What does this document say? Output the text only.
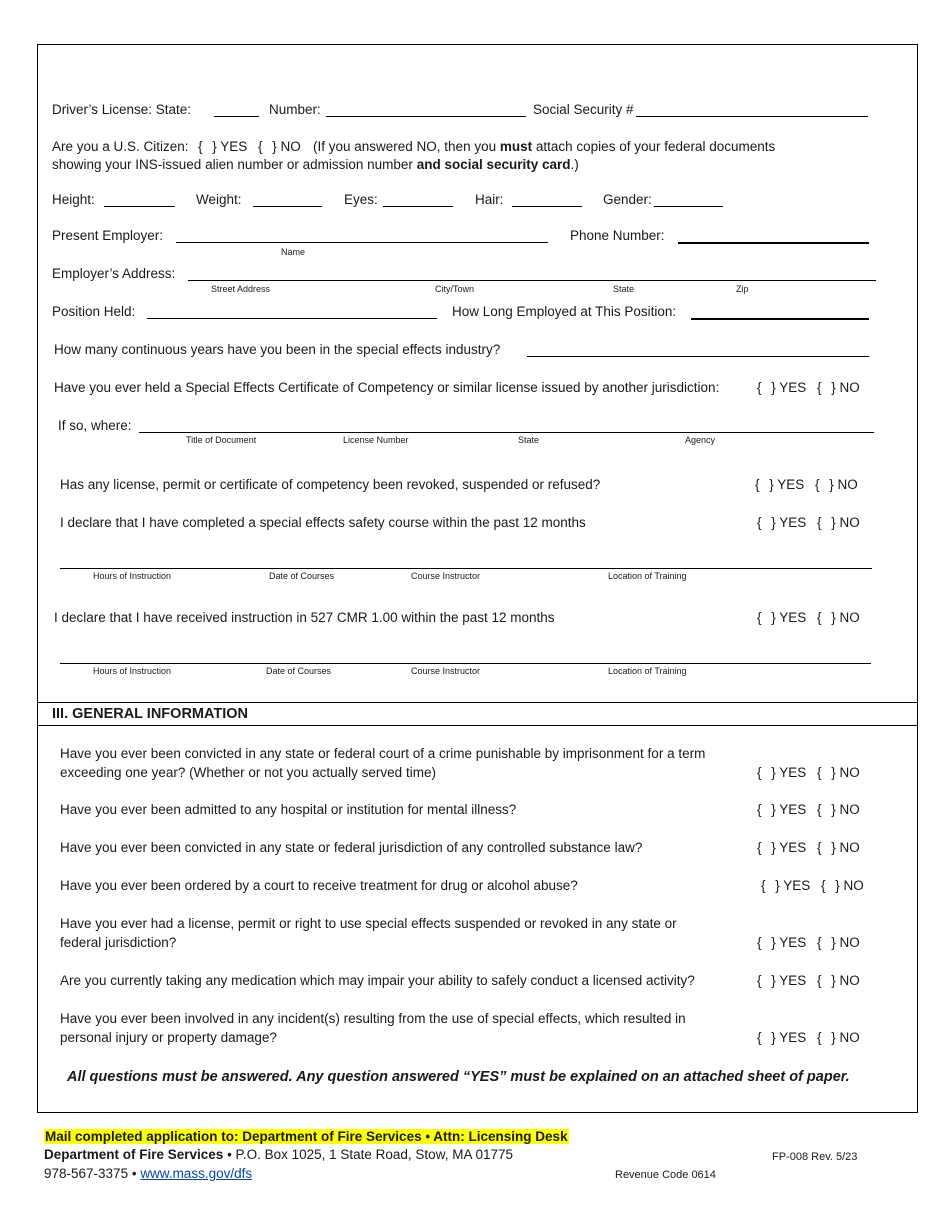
Driver’s License: State:	Number:	Social Security #
Are you a U.S. Citizen: { } YES { } NO (If you answered NO, then you must attach copies of your federal documents
showing your INS-issued alien number or admission number and social security card.)
Height:	Weight:	Eyes:	Hair:	Gender:
Present Employer:
Name
Phone Number:
Employer’s Address:
Street Address	City/Town	State	Zip
Position Held:	How Long Employed at This Position:
How many continuous years have you been in the special effects industry?
Have you ever held a Special Effects Certificate of Competency or similar license issued by another jurisdiction:	{ } YES { } NO
If so, where:
Title of Document	License Number	State	Agency
Has any license, permit or certificate of competency been revoked, suspended or refused?	{ } YES { } NO
I declare that I have completed a special effects safety course within the past 12 months	{ } YES { } NO
Hours of Instruction	Date of Courses	Course Instructor	Location of Training
I declare that I have received instruction in 527 CMR 1.00 within the past 12 months	{ } YES { } NO
Hours of Instruction	Date of Courses	Course Instructor	Location of Training
III. GENERAL INFORMATION
Have you ever been convicted in any state or federal court of a crime punishable by imprisonment for a term
exceeding one year? (Whether or not you actually served time)	{ } YES { } NO
Have you ever been admitted to any hospital or institution for mental illness?	{ } YES { } NO
Have you ever been convicted in any state or federal jurisdiction of any controlled substance law?	{ } YES { } NO
Have you ever been ordered by a court to receive treatment for drug or alcohol abuse?	{ } YES { } NO
Have you ever had a license, permit or right to use special effects suspended or revoked in any state or
federal jurisdiction?	{ } YES { } NO
Are you currently taking any medication which may impair your ability to safely conduct a licensed activity?	{ } YES { } NO
Have you ever been involved in any incident(s) resulting from the use of special effects, which resulted in
personal injury or property damage?	{ } YES { } NO
All questions must be answered. Any question answered “YES” must be explained on an attached sheet of paper.
Mail completed application to: Department of Fire Services • Attn: Licensing Desk
Department of Fire Services • P.O. Box 1025, 1 State Road, Stow, MA 01775
978-567-3375 • www.mass.gov/dfs
FP-008 Rev. 5/23
Revenue Code 0614
